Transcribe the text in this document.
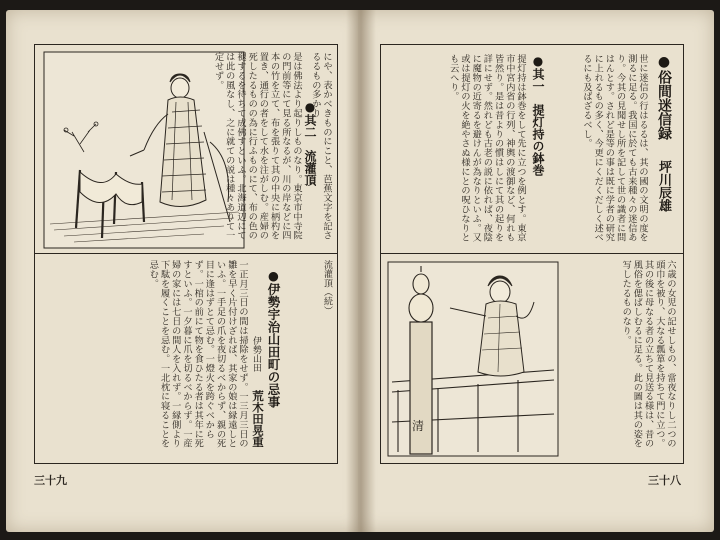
にや、表かべきものにこと、芭蕉文字を記さるるもの多かり
是は佛法より起りしものなり。東京市中寺院の門前等にて見る所なるが、川の岸などに四本の竹を立て、布を張りて其の中央に柄杓を置き、通行の者をして水を注がしむ。産婦の死したるものの為に行ふものにて、布の色の褪するを待ちて成佛すといふ。北海道辺にては此の風なし、之に就ての説は種々ありて一定せず。
●其二　流灌頂
一正月三日の間は掃除をせず。一三月三日の雛を早く片付けざれば、其家の娘は縁遠しといふ。一手足の爪を夜切るべからず、親の死目に逢はずとて忌む。一燈火を跨ぐべからず。一棺の前にて物を食ひたる者は其年に死すといふ。一夕暮に爪を切るべからず。一産婦の家には七日の間人を入れず。一縁側より下駄を履くことを忌む。一北枕に寝ることを忌む。	●伊勢宇治山田町の忌事
伊勢山田
荒木田晃重
流灌頂（続）
三十九
●俗間迷信録
坪川辰雄
世に迷信の行はるるは、其の國の文明の度を測るに足る。我国に於ても古来種々の迷信あり。今其の見聞せし所を記して世の識者に問はんとす。されど是等の事は既に学者の研究に上れるもの多く、今更にくだくだしく述べるにも及ばざるべし。
●其一　提灯持の鉢巻
提灯持は鉢巻をして先に立つを例とす。東京市中宮内省の行列、神輿の渡御など、何れも皆然り。是は昔よりの慣はしにて其の起りを詳にせず。然れども古老の説に依れば、夜陰に魔物の近寄るを避けんが為なりといふ。又或は提灯の火を絶やさぬ様にとの呪ひなりとも云へり。
六歳の女児の記せしもの、當夜なりし二つの頭巾を被り、大なる瓢箪を持ちて門に立つ。其の後に母なる者の立ちて見送る様は、昔の風俗を偲ばしむるに足る。此の圖は其の姿を写したるものなり。
清
三十八
